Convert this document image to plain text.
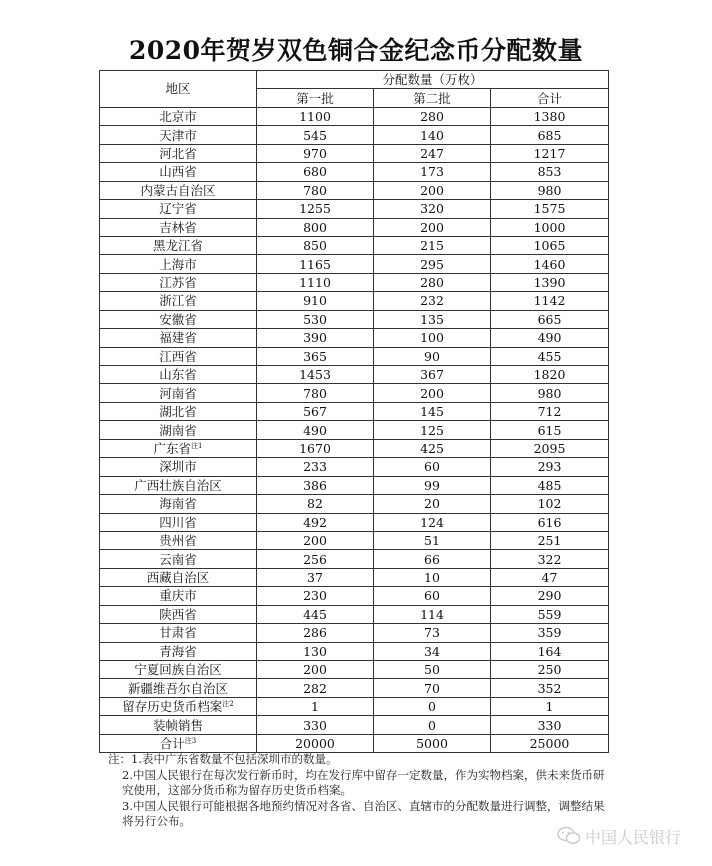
2020年贺岁双色铜合金纪念币分配数量
地区	分配数量（万枚）		
	第一批	第二批	合计
北京市	1100	280	1380
天津市	545	140	685
河北省	970	247	1217
山西省	680	173	853
内蒙古自治区	780	200	980
辽宁省	1255	320	1575
吉林省	800	200	1000
黑龙江省	850	215	1065
上海市	1165	295	1460
江苏省	1110	280	1390
浙江省	910	232	1142
安徽省	530	135	665
福建省	390	100	490
江西省	365	90	455
山东省	1453	367	1820
河南省	780	200	980
湖北省	567	145	712
湖南省	490	125	615
广东省$^{注1}$	1670	425	2095
深圳市	233	60	293
广西壮族自治区	386	99	485
海南省	82	20	102
四川省	492	124	616
贵州省	200	51	251
云南省	256	66	322
西藏自治区	37	10	47
重庆市	230	60	290
陕西省	445	114	559
甘肃省	286	73	359
青海省	130	34	164
宁夏回族自治区	200	50	250
新疆维吾尔自治区	282	70	352
留存历史货币档案$^{注2}$	1	0	1
装帧销售	330	0	330
合计$^{注3}$	20000	5000	25000

注：1.表中广东省数量不包括深圳市的数量。

2.中国人民银行在每次发行新币时，均在发行库中留存一定数量，作为实物档案，供未来货币研究使用，这部分货币称为留存历史货币档案。

3.中国人民银行可能根据各地预约情况对各省、自治区、直辖市的分配数量进行调整，调整结果将另行公布。

中国人民银行
